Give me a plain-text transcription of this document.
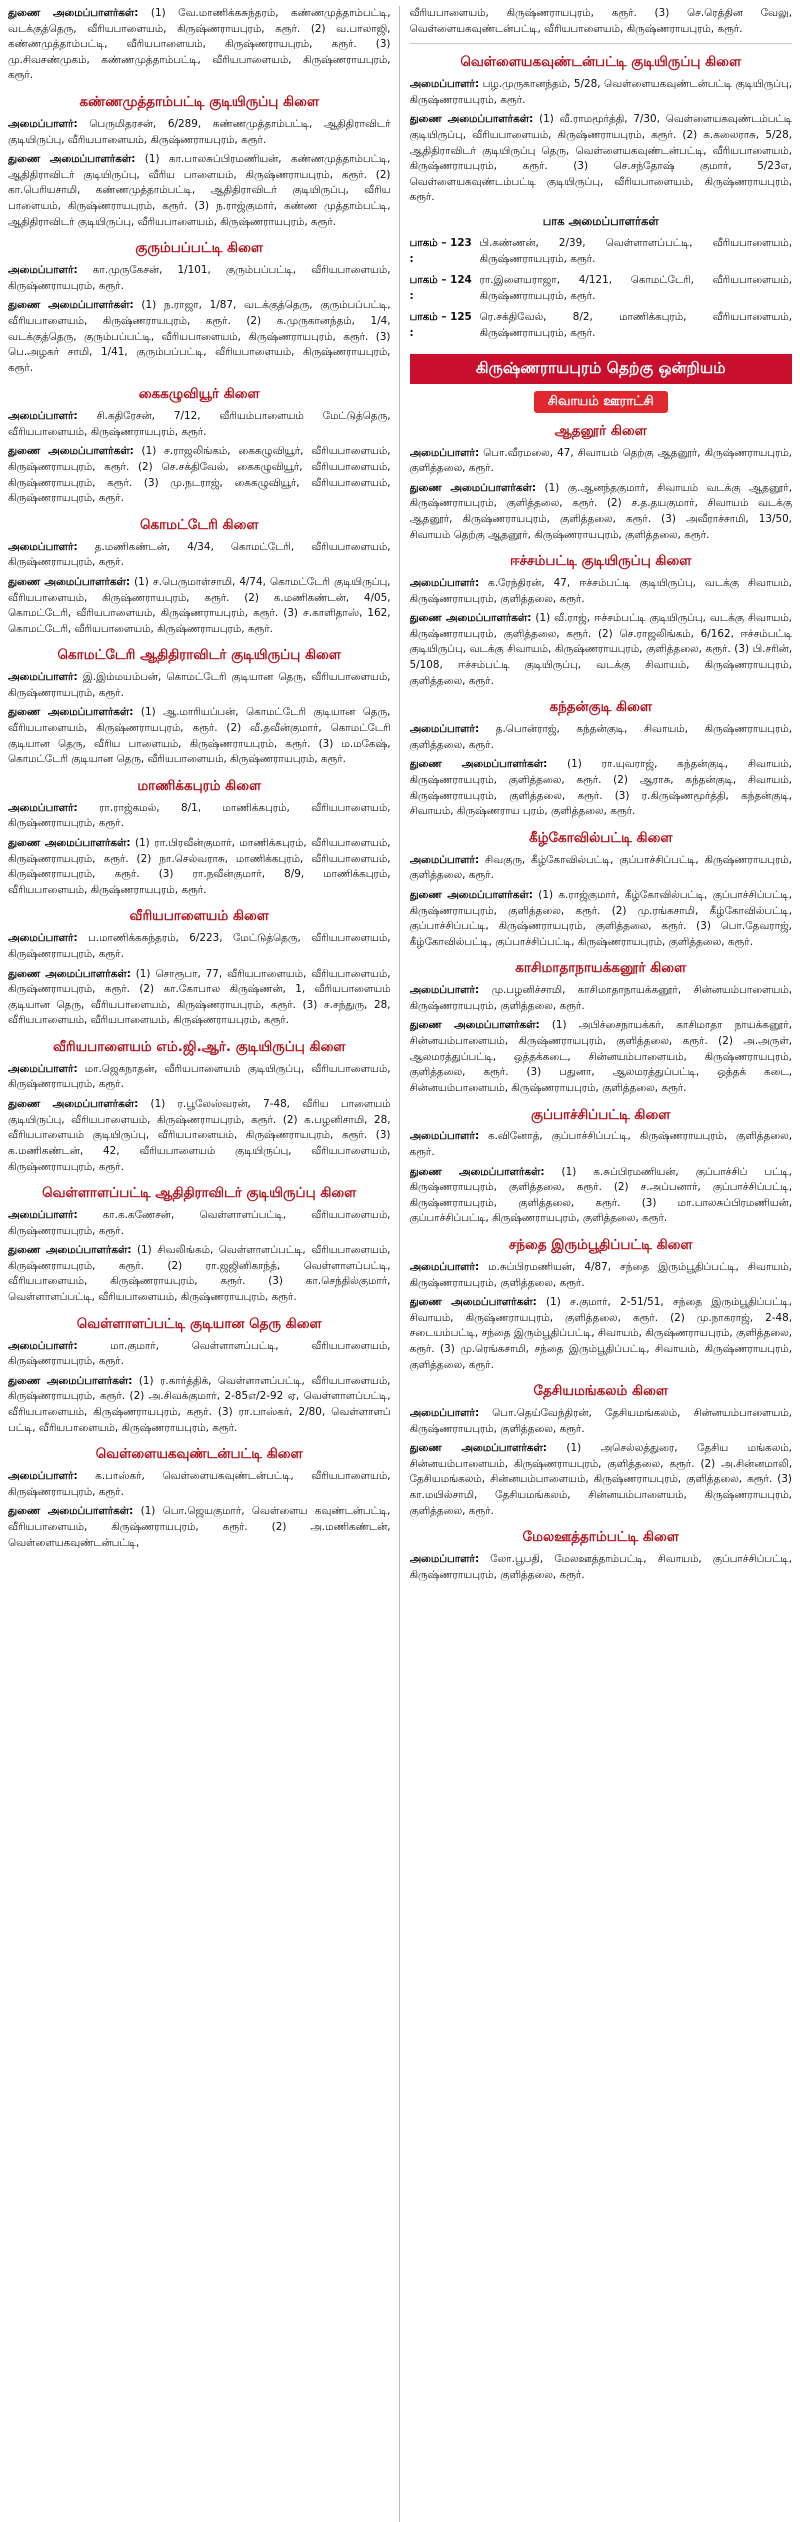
துணை அமைப்பாளர்கள்: (1) வே.மாணிக்கசுந்தரம், கண்ணமுத்தாம்பட்டி, வடக்குத்தெரு, வீரியபாளையம், கிருஷ்ணராயபுரம், கரூர். (2) வ.பாலாஜி, கண்ணமுத்தாம்பட்டி, வீரியபாளையம், கிருஷ்ணராயபுரம், கரூர். (3) மு.சிவசண்முகம், கண்ணமுத்தாம்பட்டி, வீரியபாளையம், கிருஷ்ணராயபுரம், கரூர்.

கண்ணமுத்தாம்பட்டி குடியிருப்பு கிளை

அமைப்பாளர்: பெருமிதரசன், 6/289, கண்ணமுத்தாம்பட்டி, ஆதிதிராவிடர் குடியிருப்பு, வீரியபாளையம், கிருஷ்ணராயபுரம், கரூர்.

துணை அமைப்பாளர்கள்: (1) கா.பாலசுப்பிரமணியன், கண்ணமுத்தாம்பட்டி, ஆதிதிராவிடர் குடியிருப்பு, வீரிய பாளையம், கிருஷ்ணராயபுரம், கரூர். (2) கா.பெரியசாமி, கண்ணமுத்தாம்பட்டி, ஆதிதிராவிடர் குடியிருப்பு, வீரிய பாளையம், கிருஷ்ணராயபுரம், கரூர். (3) ந.ராஜ்குமார், கண்ண முத்தாம்பட்டி, ஆதிதிராவிடர் குடியிருப்பு, வீரியபாளையம், கிருஷ்ணராயபுரம், கரூர்.

குரும்பப்பட்டி கிளை

அமைப்பாளர்: கா.முருகேசன், 1/101, குரும்பப்பட்டி, வீரியபாளையம், கிருஷ்ணராயபுரம், கரூர்.

துணை அமைப்பாளர்கள்: (1) ந.ராஜா, 1/87, வடக்குத்தெரு, குரும்பப்பட்டி, வீரியபாளையம், கிருஷ்ணராயபுரம், கரூர். (2) க.முருகானந்தம், 1/4, வடக்குத்தெரு, குரும்பப்பட்டி, வீரியபாளையம், கிருஷ்ணராயபுரம், கரூர். (3) பெ.அழகர் சாமி, 1/41, குரும்பப்பட்டி, வீரியபாளையம், கிருஷ்ணராயபுரம், கரூர்.

கைகழுவியூர் கிளை

அமைப்பாளர்: சி.கதிரேசன், 7/12, வீரியம்பாளையம் மேட்டுத்தெரு, வீரியபாளையம், கிருஷ்ணராயபுரம், கரூர்.

துணை அமைப்பாளர்கள்: (1) ச.ராஜலிங்கம், கைகழுவியூர், வீரியபாளையம், கிருஷ்ணராயபுரம், கரூர். (2) செ.சக்திவேல், கைகழுவியூர், வீரியபாளையம், கிருஷ்ணராயபுரம், கரூர். (3) மு.நடராஜ், கைகழுவியூர், வீரியபாளையம், கிருஷ்ணராயபுரம், கரூர்.

கொமட்டேரி கிளை

அமைப்பாளர்: த.மணிகண்டன், 4/34, கொமட்டேரி, வீரியபாளையம், கிருஷ்ணராயபுரம், கரூர்.

துணை அமைப்பாளர்கள்: (1) ச.பெருமாள்சாமி, 4/74, கொமட்டேரி குடியிருப்பு, வீரியபாளையம், கிருஷ்ணராயபுரம், கரூர். (2) க.மணிகண்டன், 4/05, கொமட்டேரி, வீரியபாளையம், கிருஷ்ணராயபுரம், கரூர். (3) ச.காளிதாஸ், 162, கொமட்டேரி, வீரியபாளையம், கிருஷ்ணராயபுரம், கரூர்.

கொமட்டேரி ஆதிதிராவிடர் குடியிருப்பு கிளை

அமைப்பாளர்: இ.இம்மயம்பன், கொமட்டேரி குடியான தெரு, வீரியபாளையம், கிருஷ்ணராயபுரம், கரூர்.

துணை அமைப்பாளர்கள்: (1) ஆ.மாரியப்பன், கொமட்டேரி குடியான தெரு, வீரியபாளையம், கிருஷ்ணராயபுரம், கரூர். (2) வீ.தவீன்குமார், கொமட்டேரி குடியான தெரு, வீரிய பாளையம், கிருஷ்ணராயபுரம், கரூர். (3) ம.மகேஷ், கொமட்டேரி குடியான தெரு, வீரியபாளையம், கிருஷ்ணராயபுரம், கரூர்.

மாணிக்கபுரம் கிளை

அமைப்பாளர்: ரா.ராஜ்கமல், 8/1, மாணிக்கபுரம், வீரியபாளையம், கிருஷ்ணராயபுரம், கரூர்.

துணை அமைப்பாளர்கள்: (1) ரா.பிரவீன்குமார், மாணிக்கபுரம், வீரியபாளையம், கிருஷ்ணராயபுரம், கரூர். (2) நா.செல்வராசு, மாணிக்கபுரம், வீரியபாளையம், கிருஷ்ணராயபுரம், கரூர். (3) ரா.நவீன்குமார், 8/9, மாணிக்கபுரம், வீரியபாளையம், கிருஷ்ணராயபுரம், கரூர்.

வீரியபாளையம் கிளை

அமைப்பாளர்: ப.மாணிக்கசுந்தரம், 6/223, மேட்டுத்தெரு, வீரியபாளையம், கிருஷ்ணராயபுரம், கரூர்.

துணை அமைப்பாளர்கள்: (1) சொரூபா, 77, வீரியபாளையம், வீரியபாளையம், கிருஷ்ணராயபுரம், கரூர். (2) கா.கோபால கிருஷ்ணன், 1, வீரியபாளையம் குடியான தெரு, வீரியபாளையம், கிருஷ்ணராயபுரம், கரூர். (3) ச.சந்துரு, 28, வீரியபாளையம், வீரியபாளையம், கிருஷ்ணராயபுரம், கரூர்.

வீரியபாளையம் எம்.ஜி.ஆர். குடியிருப்பு கிளை

அமைப்பாளர்: மா.ஜெகநாதன், வீரியபாளையம் குடியிருப்பு, வீரியபாளையம், கிருஷ்ணராயபுரம், கரூர்.

துணை அமைப்பாளர்கள்: (1) ர.பூலேஸ்வரன், 7-48, வீரிய பாளையம் குடியிருப்பு, வீரியபாளையம், கிருஷ்ணராயபுரம், கரூர். (2) க.பழனிசாமி, 28, வீரியபாளையம் குடியிருப்பு, வீரியபாளையம், கிருஷ்ணராயபுரம், கரூர். (3) க.மணிகண்டன், 42, வீரியபாளையம் குடியிருப்பு, வீரியபாளையம், கிருஷ்ணராயபுரம், கரூர்.

வெள்ளாளப்பட்டி ஆதிதிராவிடர் குடியிருப்பு கிளை

அமைப்பாளர்: கா.க.கணேசன், வெள்ளாளப்பட்டி, வீரியபாளையம், கிருஷ்ணராயபுரம், கரூர்.

துணை அமைப்பாளர்கள்: (1) சிவலிங்கம், வெள்ளாளப்பட்டி, வீரியபாளையம், கிருஷ்ணராயபுரம், கரூர். (2) ரா.ஜஜினிகாந்த், வெள்ளாளப்பட்டி, வீரியபாளையம், கிருஷ்ணராயபுரம், கரூர். (3) கா.செந்தில்குமார், வெள்ளாளப்பட்டி, வீரியபாளையம், கிருஷ்ணராயபுரம், கரூர்.

வெள்ளாளப்பட்டி குடியான தெரு கிளை

அமைப்பாளர்: மா.குமார், வெள்ளாளப்பட்டி, வீரியபாளையம், கிருஷ்ணராயபுரம், கரூர்.

துணை அமைப்பாளர்கள்: (1) ர.கார்த்திக், வெள்ளாளப்பட்டி, வீரியபாளையம், கிருஷ்ணராயபுரம், கரூர். (2) அ.சிவக்குமார், 2-85எ/2-92 ஏ, வெள்ளாளப்பட்டி, வீரியபாளையம், கிருஷ்ணராயபுரம், கரூர். (3) ரா.பாஸ்கர், 2/80, வெள்ளாளப் பட்டி, வீரியபாளையம், கிருஷ்ணராயபுரம், கரூர்.

வெள்ளையகவுண்டன்பட்டி கிளை

அமைப்பாளர்: க.பாஸ்கர், வெள்ளையகவுண்டன்பட்டி, வீரியபாளையம், கிருஷ்ணராயபுரம், கரூர்.

துணை அமைப்பாளர்கள்: (1) பொ.ஜெயகுமார், வெள்ளைய கவுண்டன்பட்டி, வீரியபாளையம், கிருஷ்ணராயபுரம், கரூர். (2) அ.மணிகண்டன், வெள்ளையகவுண்டன்பட்டி,

வீரியபாளையம், கிருஷ்ணராயபுரம், கரூர். (3) செ.ரெத்தின வேலு, வெள்ளையகவுண்டன்பட்டி, வீரியபாளையம், கிருஷ்ணராயபுரம், கரூர்.

வெள்ளையகவுண்டன்பட்டி குடியிருப்பு கிளை

அமைப்பாளர்: பழ.முருகானந்தம், 5/28, வெள்ளையகவுண்டன்பட்டி குடியிருப்பு, கிருஷ்ணராயபுரம், கரூர்.

துணை அமைப்பாளர்கள்: (1) வீ.ராமமூர்த்தி, 7/30, வெள்ளையகவுண்டம்பட்டி குடியிருப்பு, வீரியபாளையம், கிருஷ்ணராயபுரம், கரூர். (2) க.கலைராசு, 5/28, ஆதிதிராவிடர் குடியிருப்பு தெரு, வெள்ளையகவுண்டன்பட்டி, வீரியபாளையம், கிருஷ்ணராயபுரம், கரூர். (3) செ.சந்தோஷ் குமார், 5/23எ, வெள்ளையகவுண்டம்பட்டி குடியிருப்பு, வீரியபாளையம், கிருஷ்ணராயபுரம், கரூர்.

பாக அமைப்பாளர்கள்
பாகம் – 123 :
பி.கண்ணன், 2/39, வெள்ளாளப்பட்டி, வீரியபாளையம், கிருஷ்ணராயபுரம், கரூர்.
பாகம் – 124 :
ரா.இளையராஜா, 4/121, கொமட்டேரி, வீரியபாளையம், கிருஷ்ணராயபுரம், கரூர்.
பாகம் – 125 :
ரெ.சக்திவேல், 8/2, மாணிக்கபுரம், வீரியபாளையம், கிருஷ்ணராயபுரம், கரூர்.
கிருஷ்ணராயபுரம் தெற்கு ஒன்றியம்
சிவாயம் ஊராட்சி
ஆதனூர் கிளை

அமைப்பாளர்: பொ.வீரமலை, 47, சிவாயம் தெற்கு ஆதனூர், கிருஷ்ணராயபுரம், குளித்தலை, கரூர்.

துணை அமைப்பாளர்கள்: (1) கு.ஆனந்தகுமார், சிவாயம் வடக்கு ஆதனூர், கிருஷ்ணராயபுரம், குளித்தலை, கரூர். (2) ச.த.தயகுமார், சிவாயம் வடக்கு ஆதனூர், கிருஷ்ணராயபுரம், குளித்தலை, கரூர். (3) அவீராச்சாமி, 13/50, சிவாயம் தெற்கு ஆதனூர், கிருஷ்ணராயபுரம், குளித்தலை, கரூர்.

ஈச்சம்பட்டி குடியிருப்பு கிளை

அமைப்பாளர்: க.ரேந்திரன், 47, ஈச்சம்பட்டி குடியிருப்பு, வடக்கு சிவாயம், கிருஷ்ணராயபுரம், குளித்தலை, கரூர்.

துணை அமைப்பாளர்கள்: (1) வீ.ராஜ், ஈச்சம்பட்டி குடியிருப்பு, வடக்கு சிவாயம், கிருஷ்ணராயபுரம், குளித்தலை, கரூர். (2) செ.ராஜலிங்கம், 6/162, ஈச்சம்பட்டி குடியிருப்பு, வடக்கு சிவாயம், கிருஷ்ணராயபுரம், குளித்தலை, கரூர். (3) பி.சரின், 5/108, ஈச்சம்பட்டி குடியிருப்பு, வடக்கு சிவாயம், கிருஷ்ணராயபுரம், குளித்தலை, கரூர்.

கந்தன்குடி கிளை

அமைப்பாளர்: த.பொன்ராஜ், கந்தன்குடி, சிவாயம், கிருஷ்ணராயபுரம், குளித்தலை, கரூர்.

துணை அமைப்பாளர்கள்: (1) ரா.யுவராஜ், கந்தன்குடி, சிவாயம், கிருஷ்ணராயபுரம், குளித்தலை, கரூர். (2) ஆராசு, கந்தன்குடி, சிவாயம், கிருஷ்ணராயபுரம், குளித்தலை, கரூர். (3) ர.கிருஷ்ணமூர்த்தி, கந்தன்குடி, சிவாயம், கிருஷ்ணராய புரம், குளித்தலை, கரூர்.

கீழ்கோவில்பட்டி கிளை

அமைப்பாளர்: சிவகுரு, கீழ்கோவில்பட்டி, குப்பாச்சிப்பட்டி, கிருஷ்ணராயபுரம், குளித்தலை, கரூர்.

துணை அமைப்பாளர்கள்: (1) க.ராஜ்குமார், கீழ்கோவில்பட்டி, குப்பாச்சிப்பட்டி, கிருஷ்ணராயபுரம், குளித்தலை, கரூர். (2) மு.ரங்கசாமி, கீழ்கோவில்பட்டி, குப்பாச்சிப்பட்டி, கிருஷ்ணராயபுரம், குளித்தலை, கரூர். (3) பொ.தேவராஜ், கீழ்கோவில்பட்டி, குப்பாச்சிப்பட்டி, கிருஷ்ணராயபுரம், குளித்தலை, கரூர்.

காசிமாதாநாயக்கனூர் கிளை

அமைப்பாளர்: மு.பழனிச்சாமி, காசிமாதாநாயக்கனூர், சின்னயம்பாளையம், கிருஷ்ணராயபுரம், குளித்தலை, கரூர்.

துணை அமைப்பாளர்கள்: (1) அபிச்சைநாயக்கர், காசிமாதா நாயக்கனூர், சின்னயம்பாளையம், கிருஷ்ணராயபுரம், குளித்தலை, கரூர். (2) அ.அருள், ஆலமரத்துப்பட்டி, ஒத்தக்கடை, சின்னயம்பாளையம், கிருஷ்ணராயபுரம், குளித்தலை, கரூர். (3) பதுனா, ஆலமரத்துப்பட்டி, ஒத்தக் கடை, சின்னயம்பாளையம், கிருஷ்ணராயபுரம், குளித்தலை, கரூர்.

குப்பாச்சிப்பட்டி கிளை

அமைப்பாளர்: க.வினோத், குப்பாச்சிப்பட்டி, கிருஷ்ணராயபுரம், குளித்தலை, கரூர்.

துணை அமைப்பாளர்கள்: (1) க.சுப்பிரமணியன், குப்பாச்சிப் பட்டி, கிருஷ்ணராயபுரம், குளித்தலை, கரூர். (2) ச.அப்பனார், குப்பாச்சிப்பட்டி, கிருஷ்ணராயபுரம், குளித்தலை, கரூர். (3) மா.பாலசுப்பிரமணியன், குப்பாச்சிப்பட்டி, கிருஷ்ணராயபுரம், குளித்தலை, கரூர்.

சந்தை இரும்பூதிப்பட்டி கிளை

அமைப்பாளர்: ம.சுப்பிரமணியன், 4/87, சந்தை இரும்பூதிப்பட்டி, சிவாயம், கிருஷ்ணராயபுரம், குளித்தலை, கரூர்.

துணை அமைப்பாளர்கள்: (1) ச.குமார், 2-51/51, சந்தை இரும்பூதிப்பட்டி, சிவாயம், கிருஷ்ணராயபுரம், குளித்தலை, கரூர். (2) மு.நாகராஜ், 2-48, சடையம்பட்டி, சந்தை இரும்பூதிப்பட்டி, சிவாயம், கிருஷ்ணராயபுரம், குளித்தலை, கரூர். (3) மு.ரெங்கசாமி, சந்தை இரும்பூதிப்பட்டி, சிவாயம், கிருஷ்ணராயபுரம், குளித்தலை, கரூர்.

தேசியமங்கலம் கிளை

அமைப்பாளர்: பொ.தெய்வேந்திரன், தேசியமங்கலம், சின்னயம்பாளையம், கிருஷ்ணராயபுரம், குளித்தலை, கரூர்.

துணை அமைப்பாளர்கள்: (1) அசெல்லத்துரை, தேசிய மங்கலம், சின்னயம்பாளையம், கிருஷ்ணராயபுரம், குளித்தலை, கரூர். (2) அ.சின்னமாலி, தேசியமங்கலம், சின்னயம்பாளையம், கிருஷ்ணராயபுரம், குளித்தலை, கரூர். (3) கா.மயில்சாமி, தேசியமங்கலம், சின்னயம்பாளையம், கிருஷ்ணராயபுரம், குளித்தலை, கரூர்.

மேலஊத்தாம்பட்டி கிளை

அமைப்பாளர்: லோ.பூபதி, மேலஊத்தாம்பட்டி, சிவாயம், குப்பாச்சிப்பட்டி, கிருஷ்ணராயபுரம், குளித்தலை, கரூர்.
